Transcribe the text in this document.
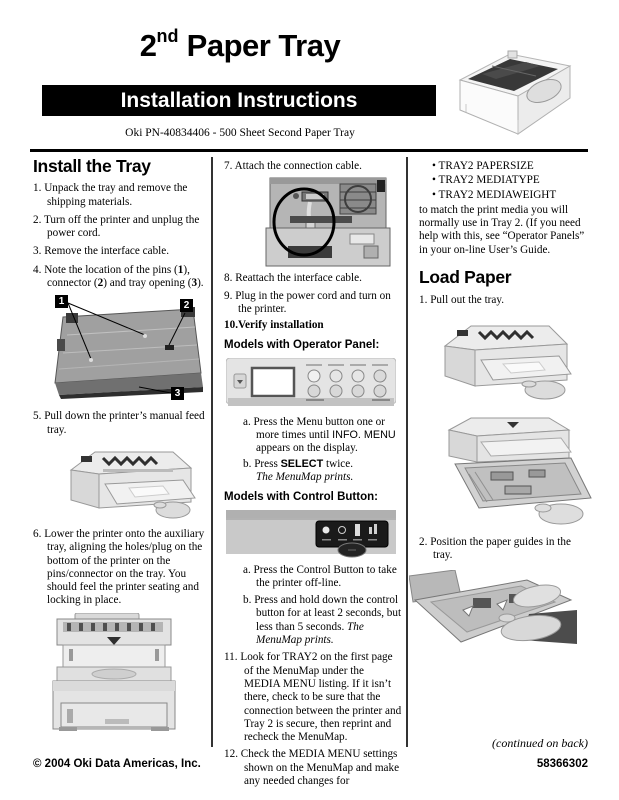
2nd Paper Tray
Installation Instructions
Oki PN-40834406 - 500 Sheet Second Paper Tray
Install the Tray

1. Unpack the tray and remove the shipping materials.

2. Turn off the printer and unplug the power cord.

3. Remove the interface cable.

4. Note the location of the pins (1), connector (2) and tray opening (3).

1	2
3

5. Pull down the printer’s manual feed tray.

6. Lower the printer onto the auxiliary tray, aligning the holes/plug on the bottom of the printer on the pins/connector on the tray. You should feel the printer seating and locking in place.

7. Attach the connection cable.

8. Reattach the interface cable.

9. Plug in the power cord and turn on the printer.

10.Verify installation

Models with Operator Panel:

a. Press the Menu button one or more times until INFO. MENU appears on the display.

b. Press SELECT twice.

The MenuMap prints.

Models with Control Button:

a. Press the Control Button to take the printer off-line.

b. Press and hold down the control button for at least 2 seconds, but less than 5 seconds. The MenuMap prints.

11. Look for TRAY2 on the first page of the MenuMap under the MEDIA MENU listing. If it isn’t there, check to be sure that the connection between the printer and Tray 2 is secure, then reprint and recheck the MenuMap.

12. Check the MEDIA MENU settings shown on the MenuMap and make any needed changes for

• TRAY2 PAPERSIZE

• TRAY2 MEDIATYPE

• TRAY2 MEDIAWEIGHT

to match the print media you will normally use in Tray 2. (If you need help with this, see “Operator Panels” in your on-line User’s Guide.

Load Paper

1. Pull out the tray.

2. Position the paper guides in the tray.

(continued on back)
© 2004 Oki Data Americas, Inc.	58366302
